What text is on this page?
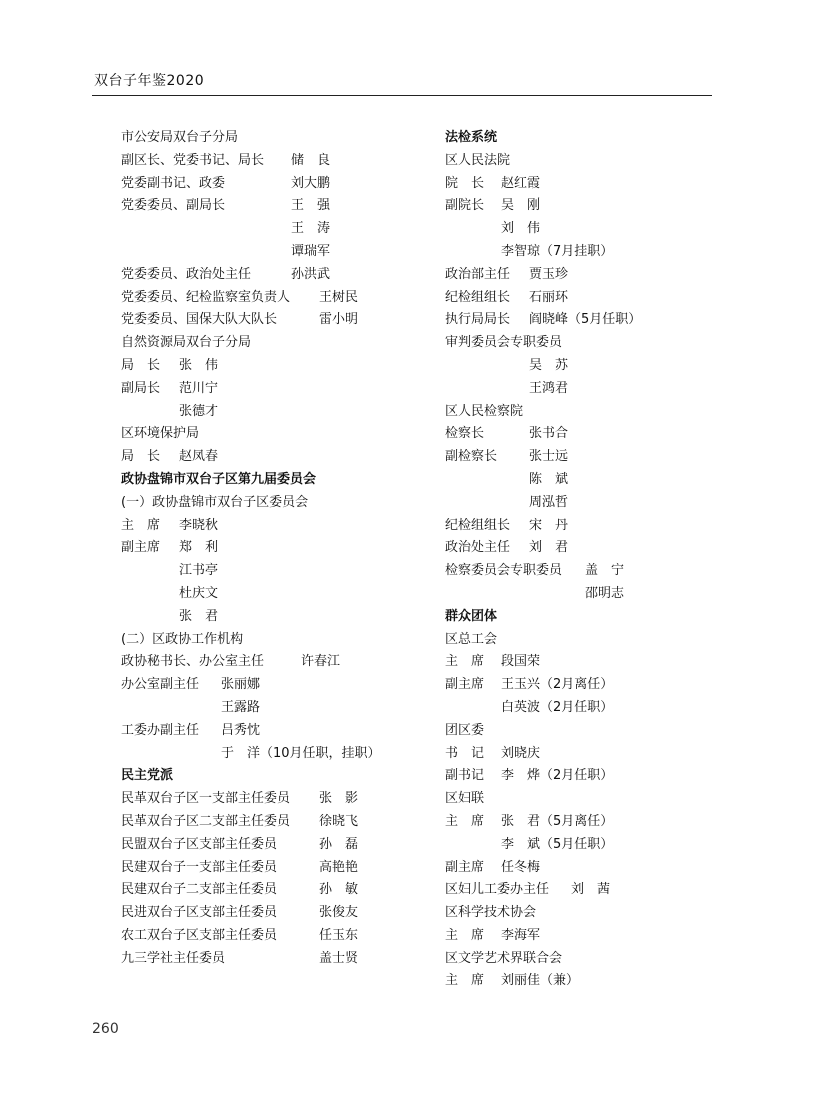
双台子年鉴2020
市公安局双台子分局
副区长、党委书记、局长 储　良
党委副书记、政委	刘大鹏
党委委员、副局长	王　强
王　涛
谭瑞军
党委委员、政治处主任	孙洪武
党委委员、纪检监察室负责人 王树民
党委委员、国保大队大队长	雷小明
自然资源局双台子分局
局　长 张　伟
副局长 范川宁
张德才
区环境保护局
局　长 赵凤春
政协盘锦市双台子区第九届委员会
(一）政协盘锦市双台子区委员会
主　席 李晓秋
副主席 郑　利
江书亭
杜庆文
张　君
(二）区政协工作机构
政协秘书长、办公室主任	许春江
办公室副主任 张丽娜
王露路
工委办副主任 吕秀忱
于　洋（10月任职，挂职）
民主党派
民革双台子区一支部主任委员 张　影
民革双台子区二支部主任委员 徐晓飞
民盟双台子区支部主任委员	孙　磊
民建双台子一支部主任委员	高艳艳
民建双台子二支部主任委员	孙　敏
民进双台子区支部主任委员	张俊友
农工双台子区支部主任委员	任玉东
九三学社主任委员	盖士贤
法检系统
区人民法院
院　长 赵红霞
副院长 吴　刚
刘　伟
李智琼（7月挂职）
政治部主任 贾玉珍
纪检组组长 石丽环
执行局局长 阎晓峰（5月任职）
审判委员会专职委员
吴　苏
王鸿君
区人民检察院
检察长	张书合
副检察长 张士远
陈　斌
周泓哲
纪检组组长 宋　丹
政治处主任 刘　君
检察委员会专职委员 盖　宁
邵明志
群众团体
区总工会
主　席 段国荣
副主席 王玉兴（2月离任）
白英波（2月任职）
团区委
书　记 刘晓庆
副书记 李　烨（2月任职）
区妇联
主　席 张　君（5月离任）
李　斌（5月任职）
副主席 任冬梅
区妇儿工委办主任 刘　茜
区科学技术协会
主　席 李海军
区文学艺术界联合会
主　席 刘丽佳（兼）
260
